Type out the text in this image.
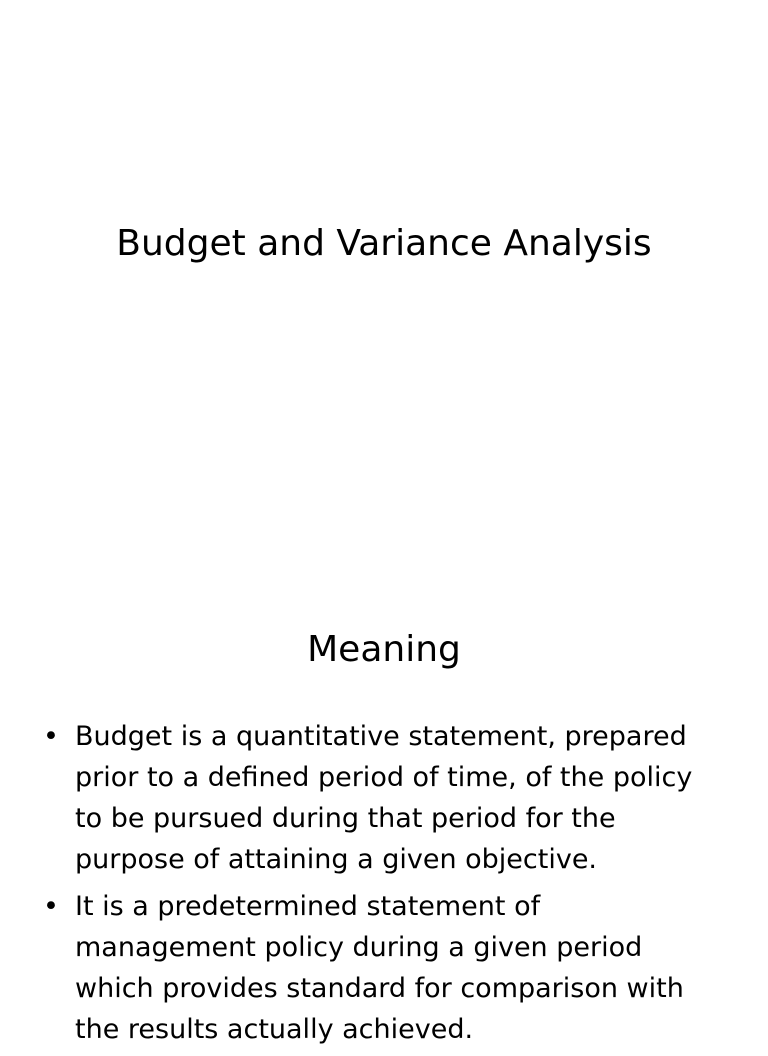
Budget and Variance Analysis
Meaning
• Budget is a quantitative statement, prepared prior to a defined period of time, of the policy to be pursued during that period for the purpose of attaining a given objective.
• It is a predetermined statement of management policy during a given period which provides standard for comparison with the results actually achieved.
